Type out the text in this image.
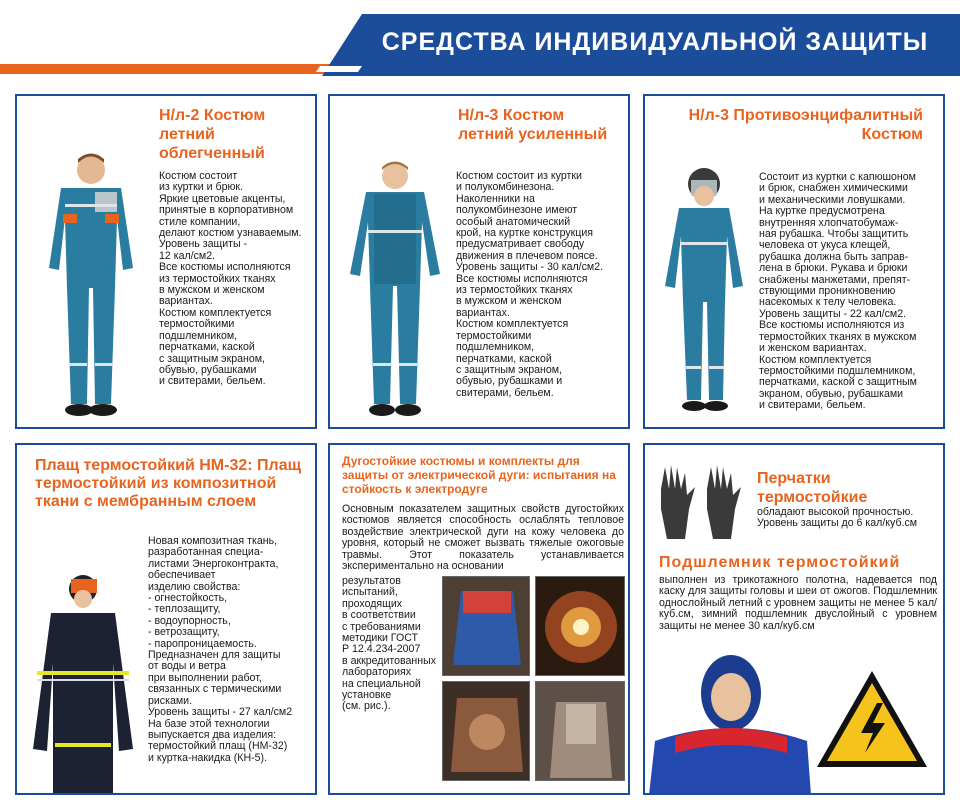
СРЕДСТВА ИНДИВИДУАЛЬНОЙ ЗАЩИТЫ
Н/л-2 Костюм летний облегченный
Костюм состоит
из куртки и брюк.
Яркие цветовые акценты,
принятые в корпоративном
стиле компании,
делают костюм узнаваемым.
Уровень защиты -
12 кал/см2.
Все костюмы исполняются
из термостойких тканях
в мужском и женском
вариантах.
Костюм комплектуется
термостойкими
подшлемником,
перчатками, каской
с защитным экраном,
обувью, рубашками
и свитерами, бельем.
Н/л-3 Костюм летний усиленный
Костюм состоит из куртки
и полукомбинезона.
Наколенники на
полукомбинезоне имеют
особый анатомический
крой, на куртке конструкция
предусматривает свободу
движения в плечевом поясе.
Уровень защиты - 30 кал/см2.
Все костюмы исполняются
из термостойких тканях
в мужском и женском
вариантах.
Костюм комплектуется
термостойкими
подшлемником,
перчатками, каской
с защитным экраном,
обувью, рубашками и
свитерами, бельем.
Н/л-3 Противоэнцифалитный Костюм
Состоит из куртки с капюшоном
и брюк, снабжен химическими
и механическими ловушками.
На куртке предусмотрена
внутренняя хлопчатобумаж-
ная рубашка. Чтобы защитить
человека от укуса клещей,
рубашка должна быть заправ-
лена в брюки. Рукава и брюки
снабжены манжетами, препят-
ствующими проникновению
насекомых к телу человека.
Уровень защиты - 22 кал/см2.
Все костюмы исполняются из
термостойких тканях в мужском
и женском вариантах.
Костюм комплектуется
термостойкими подшлемником,
перчатками, каской с защитным
экраном, обувью, рубашками
и свитерами, бельем.
Плащ термостойкий НМ-32: Плащ термостойкий из композитной ткани с мембранным слоем
Новая композитная ткань,
разработанная специа-
листами Энергоконтракта,
обеспечивает
изделию свойства:
- огнестойкость,
- теплозащиту,
- водоупорность,
- ветрозащиту,
- паропроницаемость.
Предназначен для защиты
от воды и ветра
при выполнении работ,
связанных с термическими
рисками.
Уровень защиты - 27 кал/см2
На базе этой технологии
выпускается два изделия:
термостойкий плащ (НМ-32)
и куртка-накидка (КН-5).
Дугостойкие костюмы и комплекты для защиты от электрической дуги: испытания на стойкость к электродуге
Основным показателем защитных свойств дугостойких костюмов является способность ослаблять тепловое воздействие электрической дуги на кожу человека до уровня, который не сможет вызвать тяжелые ожоговые травмы. Этот показатель устанавливается экспериментально на основании
результатов
испытаний,
проходящих
в соответствии
с требованиями
методики ГОСТ
Р 12.4.234-2007
в аккредитованных
лабораториях
на специальной
установке
(см. рис.).
Перчатки термостойкие
обладают высокой прочностью.
Уровень защиты до 6 кал/куб.см
Подшлемник термостойкий
выполнен из трикотажного полотна, надевается под каску для защиты головы и шеи от ожогов. Подшлемник однослойный летний с уровнем защиты не менее 5 кал/куб.см, зимний подшлемник двуслойный с уровнем защиты не менее 30 кал/куб.см
